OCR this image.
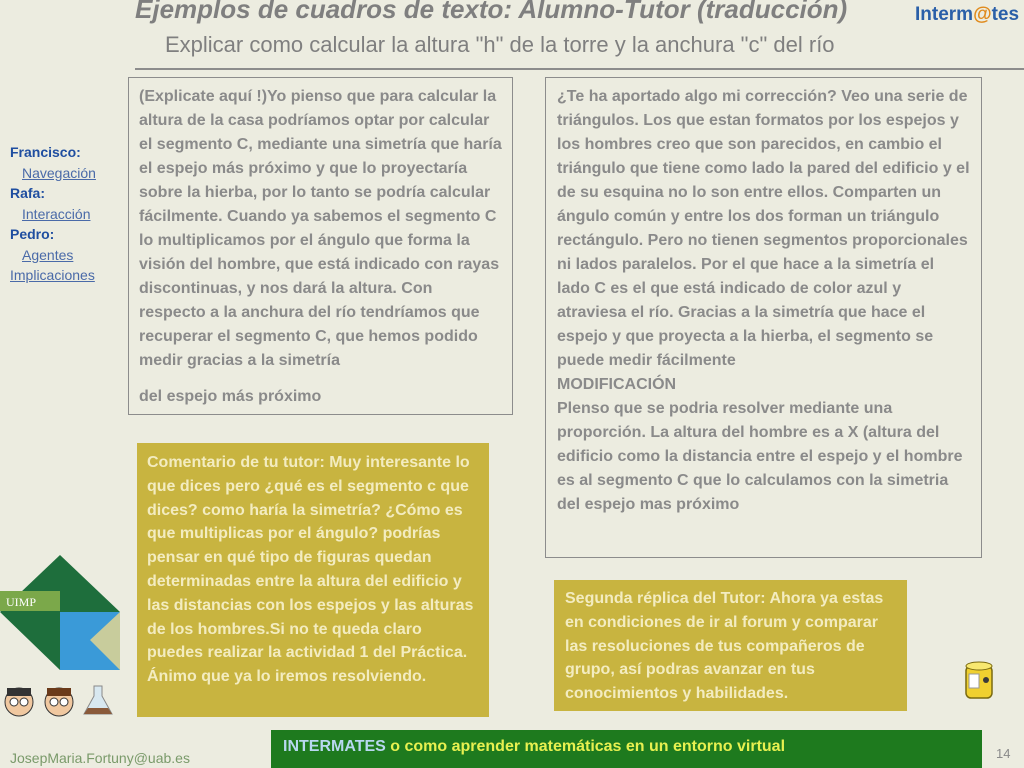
Ejemplos de cuadros de texto: Alumno-Tutor (traducción)
Explicar como calcular la altura "h" de la torre y la anchura "c" del río
Interm@tes
Francisco:
Navegación
Rafa:
Interacción
Pedro:
Agentes
Implicaciones
(Explicate aquí !)Yo pienso que para calcular la altura de la casa podríamos optar por calcular el segmento C, mediante una simetría que haría el espejo más próximo y que lo proyectaría sobre la hierba, por lo tanto se podría calcular fácilmente. Cuando ya sabemos el segmento C lo multiplicamos por el ángulo que forma la visión del hombre, que está indicado con rayas discontinuas, y nos dará la altura. Con respecto a la anchura del río tendríamos que recuperar el segmento C, que hemos podido medir gracias a la simetría
del espejo más próximo

¿Te ha aportado algo mi corrección? Veo una serie de triángulos. Los que estan formatos por los espejos y los hombres creo que son parecidos, en cambio el triángulo que tiene como lado la pared del edificio y el de su esquina no lo son entre ellos. Comparten un ángulo común y entre los dos forman un triángulo rectángulo. Pero no tienen segmentos proporcionales ni lados paralelos. Por el que hace a la simetría el lado C es el que está indicado de color azul y atraviesa el río. Gracias a la simetría que hace el espejo y que proyecta a la hierba, el segmento se puede medir fácilmente

MODIFICACIÓN

Plenso que se podria resolver mediante una proporción. La altura del hombre es a X (altura del edificio como la distancia entre el espejo y el hombre es al segmento C que lo calculamos con la simetria del espejo mas próximo

Comentario de tu tutor: Muy interesante lo que dices pero ¿qué es el segmento c que dices? como haría la simetría? ¿Cómo es que multiplicas por el ángulo? podrías pensar en qué tipo de figuras quedan determinadas entre la altura del edificio y las distancias con los espejos y las alturas de los hombres.Si no te queda claro puedes realizar la actividad 1 del Práctica. Ánimo que ya lo iremos resolviendo.
Segunda réplica del Tutor: Ahora ya estas en condiciones de ir al forum y comparar las resoluciones de tus compañeros de grupo, así podras avanzar en tus conocimientos y habilidades.
UIMP
INTERMATES o como aprender matemáticas en un entorno virtual
JosepMaria.Fortuny@uab.es	14
